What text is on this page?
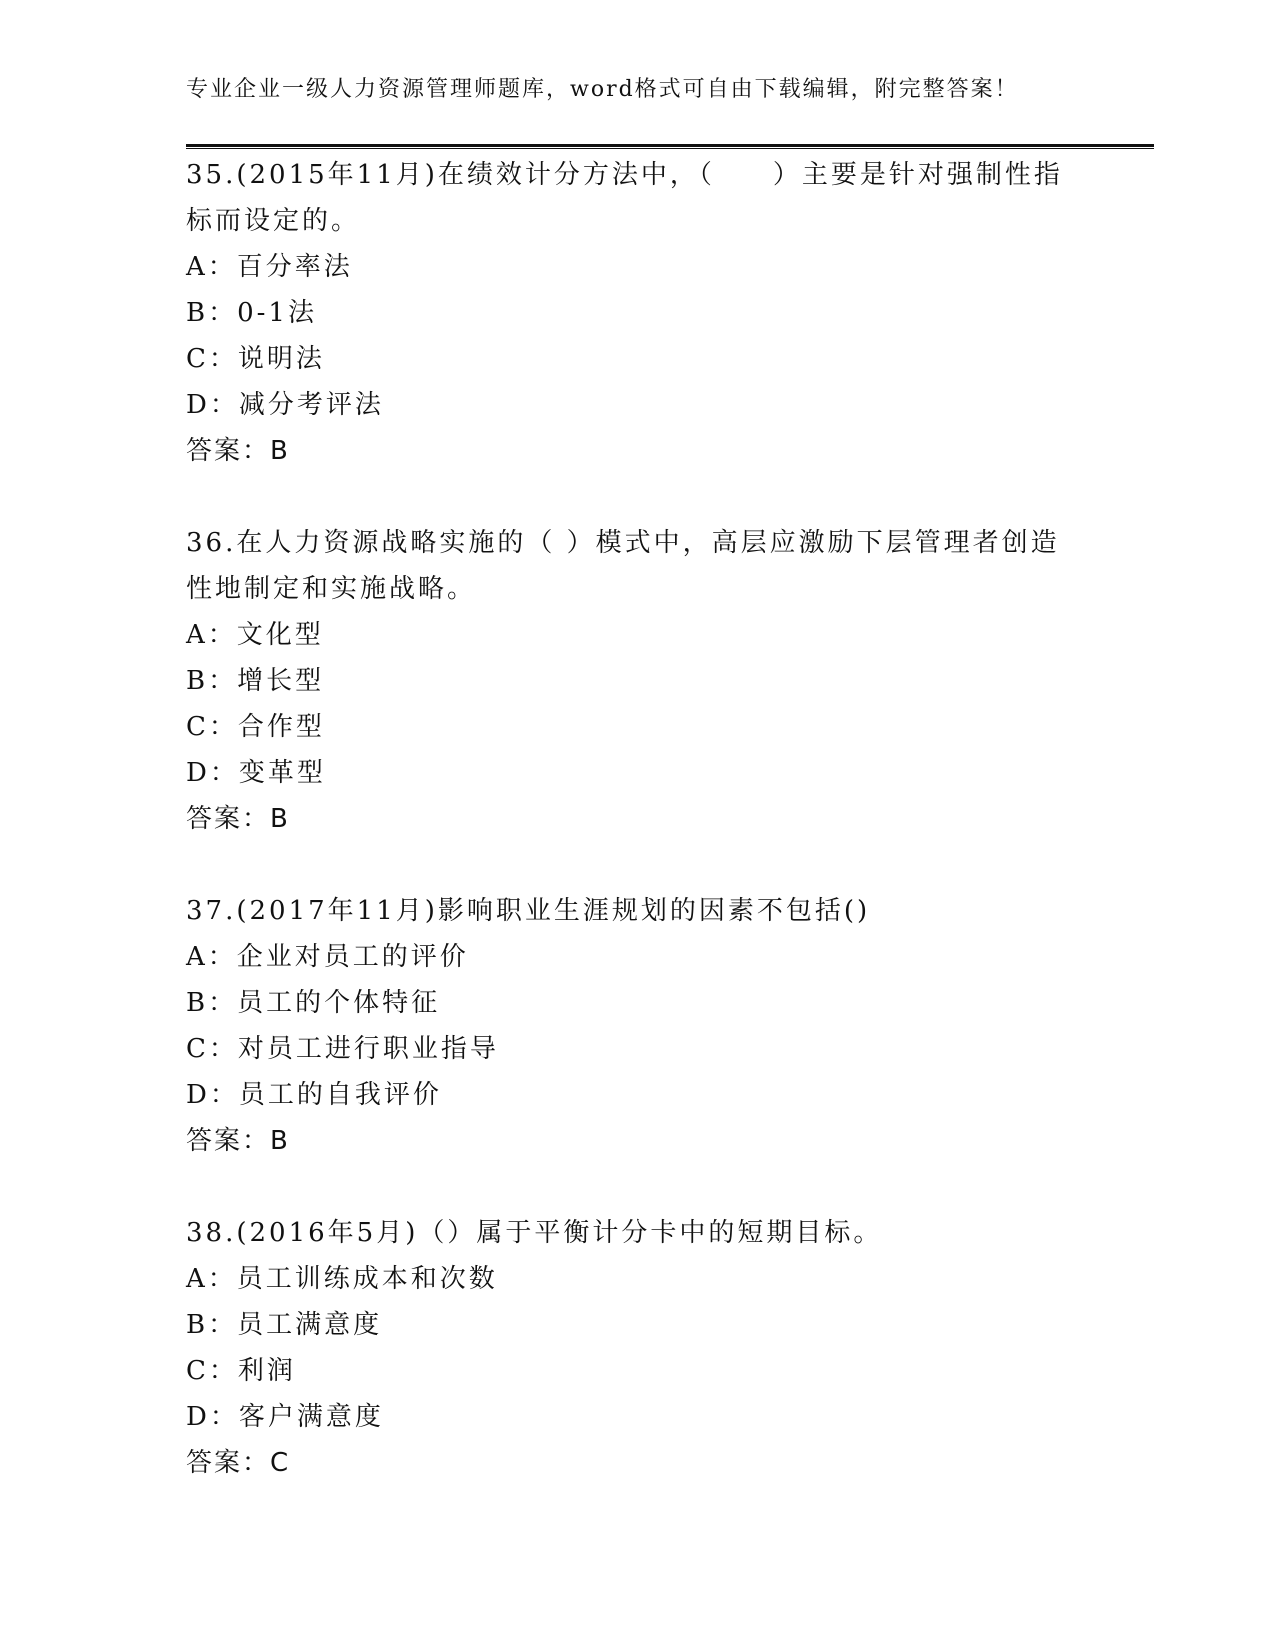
专业企业一级人力资源管理师题库，word格式可自由下载编辑，附完整答案！
35.(2015年11月)在绩效计分方法中，（　　）主要是针对强制性指
标而设定的。
A：百分率法
B：0-1法
C：说明法
D：减分考评法
答案：B
36.在人力资源战略实施的（ ）模式中，高层应激励下层管理者创造
性地制定和实施战略。
A：文化型
B：增长型
C：合作型
D：变革型
答案：B
37.(2017年11月)影响职业生涯规划的因素不包括()
A：企业对员工的评价
B：员工的个体特征
C：对员工进行职业指导
D：员工的自我评价
答案：B
38.(2016年5月)（）属于平衡计分卡中的短期目标。
A：员工训练成本和次数
B：员工满意度
C：利润
D：客户满意度
答案：C
